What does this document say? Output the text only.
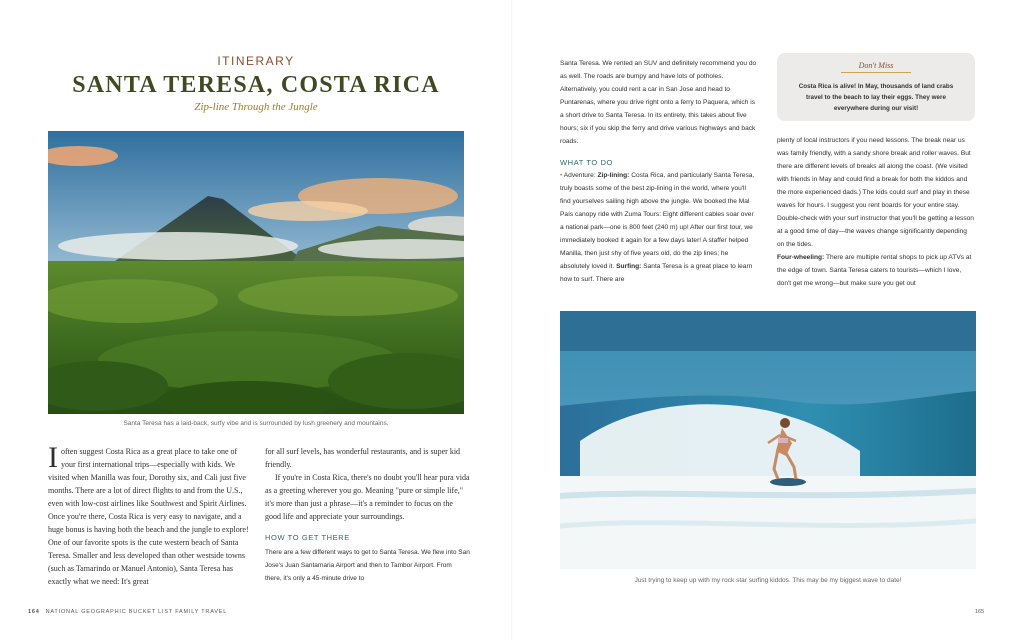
ITINERARY
SANTA TERESA, COSTA RICA
Zip-line Through the Jungle
Santa Teresa has a laid-back, surfy vibe and is surrounded by lush greenery and mountains.

Ioften suggest Costa Rica as a great place to take one of your first international trips—especially with kids. We visited when Manilla was four, Dorothy six, and Cali just five months. There are a lot of direct flights to and from the U.S., even with low-cost airlines like Southwest and Spirit Airlines. Once you're there, Costa Rica is very easy to navigate, and a huge bonus is having both the beach and the jungle to explore! One of our favorite spots is the cute western beach of Santa Teresa. Smaller and less developed than other westside towns (such as Tamarindo or Manuel Antonio), Santa Teresa has exactly what we need: It's great

for all surf levels, has wonderful restaurants, and is super kid friendly.

If you're in Costa Rica, there's no doubt you'll hear pura vida as a greeting wherever you go. Meaning "pure or simple life," it's more than just a phrase—it's a reminder to focus on the good life and appreciate your surroundings.

HOW TO GET THERE

There are a few different ways to get to Santa Teresa. We flew into San Jose's Juan Santamaria Airport and then to Tambor Airport. From there, it's only a 45-minute drive to

164 NATIONAL GEOGRAPHIC BUCKET LIST FAMILY TRAVEL

Santa Teresa. We rented an SUV and definitely recommend you do as well. The roads are bumpy and have lots of potholes. Alternatively, you could rent a car in San Jose and head to Puntarenas, where you drive right onto a ferry to Paquera, which is a short drive to Santa Teresa. In its entirety, this takes about five hours; six if you skip the ferry and drive various highways and back roads.

WHAT TO DO

• Adventure: Zip-lining: Costa Rica, and particularly Santa Teresa, truly boasts some of the best zip-lining in the world, where you'll find yourselves sailing high above the jungle. We booked the Mal País canopy ride with Zuma Tours: Eight different cables soar over a national park—one is 800 feet (240 m) up! After our first tour, we immediately booked it again for a few days later! A staffer helped Manilla, then just shy of five years old, do the zip lines; he absolutely loved it. Surfing: Santa Teresa is a great place to learn how to surf. There are

Don't Miss
Costa Rica is alive! In May, thousands of land crabs travel to the beach to lay their eggs. They were everywhere during our visit!

plenty of local instructors if you need lessons. The break near us was family friendly, with a sandy shore break and roller waves. But there are different levels of breaks all along the coast. (We visited with friends in May and could find a break for both the kiddos and the more experienced dads.) The kids could surf and play in these waves for hours. I suggest you rent boards for your entire stay. Double-check with your surf instructor that you'll be getting a lesson at a good time of day—the waves change significantly depending on the tides.

Four-wheeling: There are multiple rental shops to pick up ATVs at the edge of town. Santa Teresa caters to tourists—which I love, don't get me wrong—but make sure you get out

Just trying to keep up with my rock star surfing kiddos. This may be my biggest wave to date!
165
